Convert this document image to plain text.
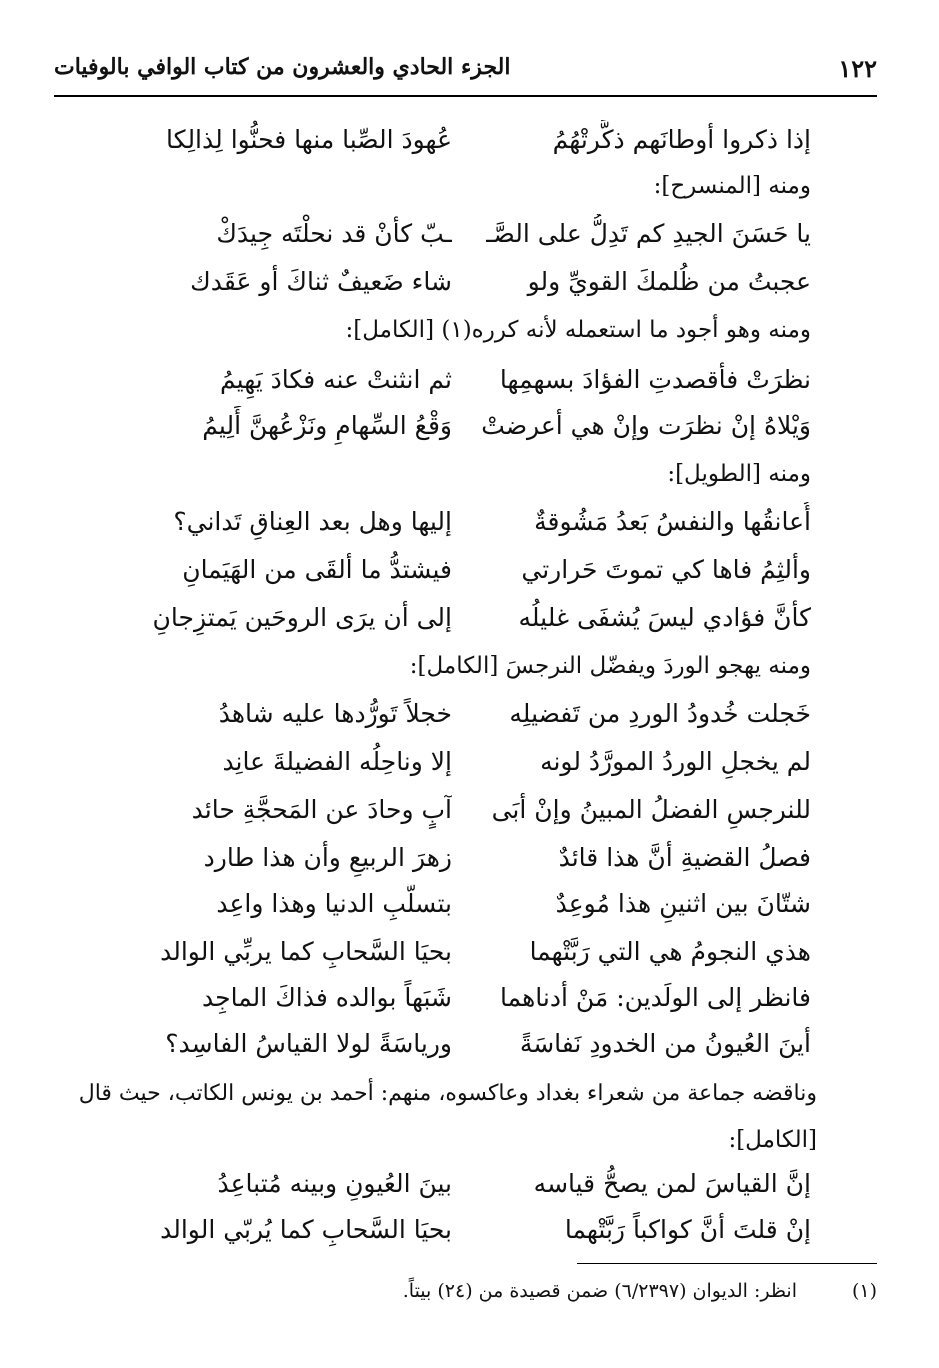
١٢٢
الجزء الحادي والعشرون من كتاب الوافي بالوفيات
إذا ذكروا أوطانَهم ذكَّرتْهُمُ
عُهودَ الصِّبا منها فحنُّوا لِذالِكا
ومنه [المنسرح]:
يا حَسَنَ الجيدِ كم تَدِلُّ على الصَّـ
ـبّ كأنْ قد نحلْتَه جِيدَكْ
عجبتُ من ظُلمكَ القويِّ ولو
شاء ضَعيفٌ ثناكَ أو عَقَدك
ومنه وهو أجود ما استعمله لأنه كرره(١) [الكامل]:
نظرَتْ فأقصدتِ الفؤادَ بسهمِها
ثم انثنتْ عنه فكادَ يَهِيمُ
وَيْلاهُ إنْ نظرَت وإنْ هي أعرضتْ
وَقْعُ السِّهامِ ونَزْعُهنَّ أَلِيمُ
ومنه [الطويل]:
أُعانقُها والنفسُ بَعدُ مَشُوقةٌ
إليها وهل بعد العِناقِ تَداني؟
وألثِمُ فاها كي تموتَ حَرارتي
فيشتدُّ ما ألقَى من الهَيَمانِ
كأنَّ فؤادي ليسَ يُشفَى غليلُه
إلى أن يرَى الروحَين يَمتزِجانِ
ومنه يهجو الوردَ ويفضّل النرجسَ [الكامل]:
خَجلت خُدودُ الوردِ من تَفضيلِه
خجلاً تَورُّدها عليه شاهدُ
لم يخجلِ الوردُ المورَّدُ لونه
إلا وناحِلُه الفضيلةَ عانِد
للنرجسِ الفضلُ المبينُ وإنْ أبَى
آبٍ وحادَ عن المَحجَّةِ حائد
فصلُ القضيةِ أنَّ هذا قائدٌ
زهرَ الربيعِ وأن هذا طارد
شتّانَ بين اثنينِ هذا مُوعِدٌ
بتسلُّبِ الدنيا وهذا واعِد
هذي النجومُ هي التي رَبَّتْهما
بحيَا السَّحابِ كما يربِّي الوالد
فانظر إلى الولَدين: مَنْ أدناهما
شَبَهاً بوالده فذاكَ الماجِد
أينَ العُيونُ من الخدودِ نَفاسَةً
ورياسَةً لولا القياسُ الفاسِد؟
وناقضه جماعة من شعراء بغداد وعاكسوه، منهم: أحمد بن يونس الكاتب، حيث قال
[الكامل]:
إنَّ القياسَ لمن يصحُّ قياسه
بينَ العُيونِ وبينه مُتباعِدُ
إنْ قلتَ أنَّ كواكباً رَبَّتْهما
بحيَا السَّحابِ كما يُربّي الوالد
(١)
انظر: الديوان (٦/٢٣٩٧) ضمن قصيدة من (٢٤) بيتاً.
